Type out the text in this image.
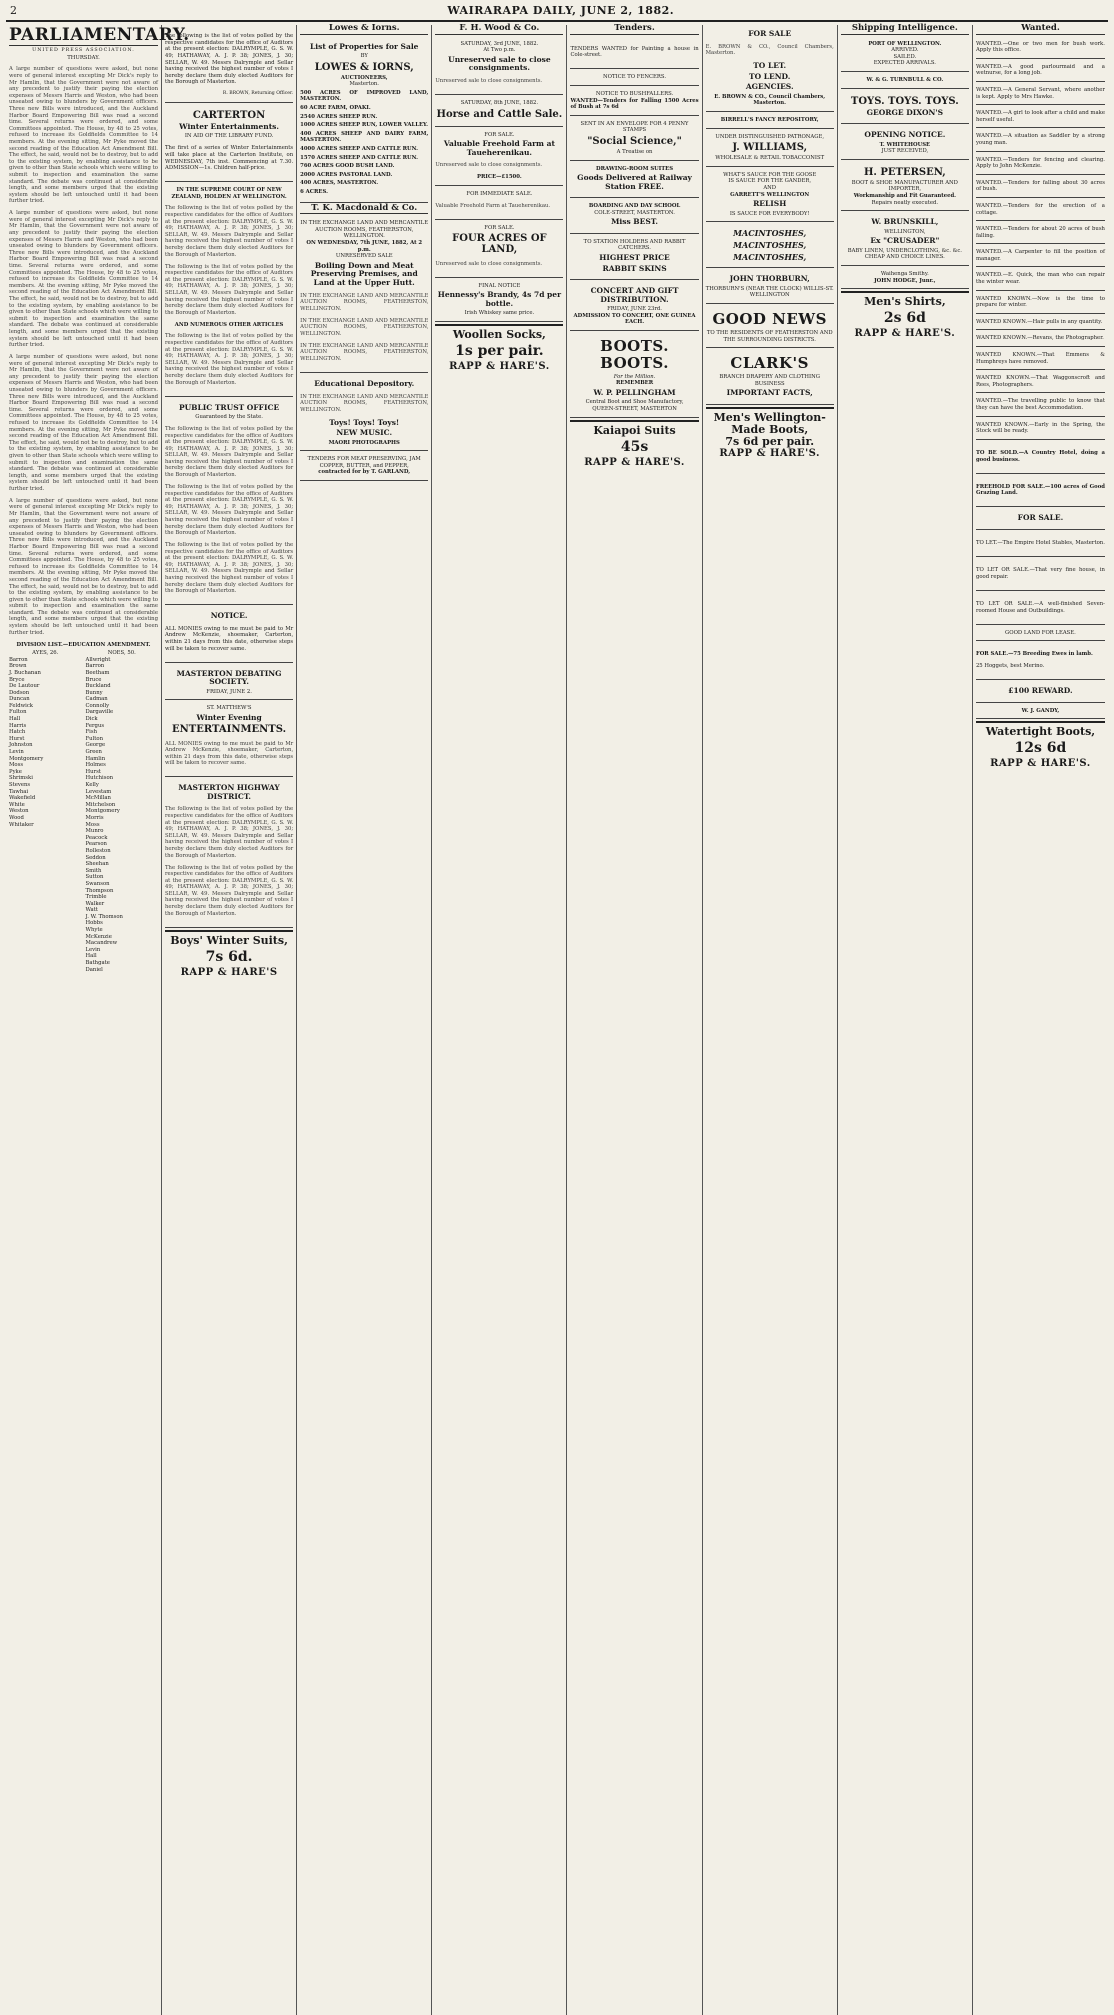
2	WAIRARAPA DAILY, JUNE 2, 1882.
PARLIAMENTARY.
UNITED PRESS ASSOCIATION.
THURSDAY.

A large number of questions were asked, but none were of general interest excepting Mr Dick's reply to Mr Hamlin, that the Government were not aware of any precedent to justify their paying the election expenses of Messrs Harris and Weston, who had been unseated owing to blunders by Government officers. Three new Bills were introduced, and the Auckland Harbor Board Empowering Bill was read a second time. Several returns were ordered, and some Committees appointed. The House, by 48 to 25 votes, refused to increase its Goldfields Committee to 14 members. At the evening sitting, Mr Pyke moved the second reading of the Education Act Amendment Bill. The effect, he said, would not be to destroy, but to add to the existing system, by enabling assistance to be given to other than State schools which were willing to submit to inspection and examination the same standard. The debate was continued at considerable length, and some members urged that the existing system should be left untouched until it had been further tried.

A large number of questions were asked, but none were of general interest excepting Mr Dick's reply to Mr Hamlin, that the Government were not aware of any precedent to justify their paying the election expenses of Messrs Harris and Weston, who had been unseated owing to blunders by Government officers. Three new Bills were introduced, and the Auckland Harbor Board Empowering Bill was read a second time. Several returns were ordered, and some Committees appointed. The House, by 48 to 25 votes, refused to increase its Goldfields Committee to 14 members. At the evening sitting, Mr Pyke moved the second reading of the Education Act Amendment Bill. The effect, he said, would not be to destroy, but to add to the existing system, by enabling assistance to be given to other than State schools which were willing to submit to inspection and examination the same standard. The debate was continued at considerable length, and some members urged that the existing system should be left untouched until it had been further tried.

A large number of questions were asked, but none were of general interest excepting Mr Dick's reply to Mr Hamlin, that the Government were not aware of any precedent to justify their paying the election expenses of Messrs Harris and Weston, who had been unseated owing to blunders by Government officers. Three new Bills were introduced, and the Auckland Harbor Board Empowering Bill was read a second time. Several returns were ordered, and some Committees appointed. The House, by 48 to 25 votes, refused to increase its Goldfields Committee to 14 members. At the evening sitting, Mr Pyke moved the second reading of the Education Act Amendment Bill. The effect, he said, would not be to destroy, but to add to the existing system, by enabling assistance to be given to other than State schools which were willing to submit to inspection and examination the same standard. The debate was continued at considerable length, and some members urged that the existing system should be left untouched until it had been further tried.

A large number of questions were asked, but none were of general interest excepting Mr Dick's reply to Mr Hamlin, that the Government were not aware of any precedent to justify their paying the election expenses of Messrs Harris and Weston, who had been unseated owing to blunders by Government officers. Three new Bills were introduced, and the Auckland Harbor Board Empowering Bill was read a second time. Several returns were ordered, and some Committees appointed. The House, by 48 to 25 votes, refused to increase its Goldfields Committee to 14 members. At the evening sitting, Mr Pyke moved the second reading of the Education Act Amendment Bill. The effect, he said, would not be to destroy, but to add to the existing system, by enabling assistance to be given to other than State schools which were willing to submit to inspection and examination the same standard. The debate was continued at considerable length, and some members urged that the existing system should be left untouched until it had been further tried.

DIVISION LIST.—EDUCATION AMENDMENT.
AYES, 26.
Barron
Brown
J. Buchanan
Bryce
De Lautour
Dodson
Duncan
Feldwick
Fulton
Hall
Harris
Hatch
Hurst
Johnston
Levin
Montgomery
Moss
Pyke
Shrimski
Stevens
Tawhai
Wakefield
White
Weston
Wood
Whitaker
NOES, 50.
Allwright
Barron
Beetham
Bruce
Buckland
Bunny
Cadman
Connolly
Dargaville
Dick
Fergus
Fish
Fulton
George
Green
Hamlin
Holmes
Hurst
Hutchison
Kelly
Levestam
McMillan
Mitchelson
Montgomery
Morris
Moss
Munro
Peacock
Pearson
Rolleston
Seddon
Sheehan
Smith
Sutton
Swanson
Thompson
Trimble
Walker
Watt
J. W. Thomson
Hobbs
Whyte
McKenzie
Macandrew
Levin
Hall
Bathgate
Daniel

The following is the list of votes polled by the respective candidates for the office of Auditors at the present election: DALRYMPLE, G. S. W. 49; HATHAWAY, A. J. P. 38; JONES, J. 30; SELLAR, W. 49. Messrs Dalrymple and Sellar having received the highest number of votes I hereby declare them duly elected Auditors for the Borough of Masterton.

R. BROWN, Returning Officer.
CARTERTON
Winter Entertainments.
IN AID OF THE LIBRARY FUND.

The first of a series of Winter Entertainments will take place at the Carterton Institute, on WEDNESDAY, 7th inst. Commencing at 7.30. ADMISSION—1s. Children half-price.

IN THE SUPREME COURT OF NEW ZEALAND, HOLDEN AT WELLINGTON.

The following is the list of votes polled by the respective candidates for the office of Auditors at the present election: DALRYMPLE, G. S. W. 49; HATHAWAY, A. J. P. 38; JONES, J. 30; SELLAR, W. 49. Messrs Dalrymple and Sellar having received the highest number of votes I hereby declare them duly elected Auditors for the Borough of Masterton.

The following is the list of votes polled by the respective candidates for the office of Auditors at the present election: DALRYMPLE, G. S. W. 49; HATHAWAY, A. J. P. 38; JONES, J. 30; SELLAR, W. 49. Messrs Dalrymple and Sellar having received the highest number of votes I hereby declare them duly elected Auditors for the Borough of Masterton.

AND NUMEROUS OTHER ARTICLES

The following is the list of votes polled by the respective candidates for the office of Auditors at the present election: DALRYMPLE, G. S. W. 49; HATHAWAY, A. J. P. 38; JONES, J. 30; SELLAR, W. 49. Messrs Dalrymple and Sellar having received the highest number of votes I hereby declare them duly elected Auditors for the Borough of Masterton.

PUBLIC TRUST OFFICE
Guaranteed by the State.

The following is the list of votes polled by the respective candidates for the office of Auditors at the present election: DALRYMPLE, G. S. W. 49; HATHAWAY, A. J. P. 38; JONES, J. 30; SELLAR, W. 49. Messrs Dalrymple and Sellar having received the highest number of votes I hereby declare them duly elected Auditors for the Borough of Masterton.

The following is the list of votes polled by the respective candidates for the office of Auditors at the present election: DALRYMPLE, G. S. W. 49; HATHAWAY, A. J. P. 38; JONES, J. 30; SELLAR, W. 49. Messrs Dalrymple and Sellar having received the highest number of votes I hereby declare them duly elected Auditors for the Borough of Masterton.

The following is the list of votes polled by the respective candidates for the office of Auditors at the present election: DALRYMPLE, G. S. W. 49; HATHAWAY, A. J. P. 38; JONES, J. 30; SELLAR, W. 49. Messrs Dalrymple and Sellar having received the highest number of votes I hereby declare them duly elected Auditors for the Borough of Masterton.

NOTICE.

ALL MONIES owing to me must be paid to Mr Andrew McKenzie, shoemaker, Carterton, within 21 days from this date, otherwise steps will be taken to recover same.

MASTERTON DEBATING SOCIETY.
FRIDAY, JUNE 2.
ST. MATTHEW'S
Winter Evening
ENTERTAINMENTS.

ALL MONIES owing to me must be paid to Mr Andrew McKenzie, shoemaker, Carterton, within 21 days from this date, otherwise steps will be taken to recover same.

MASTERTON HIGHWAY DISTRICT.

The following is the list of votes polled by the respective candidates for the office of Auditors at the present election: DALRYMPLE, G. S. W. 49; HATHAWAY, A. J. P. 38; JONES, J. 30; SELLAR, W. 49. Messrs Dalrymple and Sellar having received the highest number of votes I hereby declare them duly elected Auditors for the Borough of Masterton.

The following is the list of votes polled by the respective candidates for the office of Auditors at the present election: DALRYMPLE, G. S. W. 49; HATHAWAY, A. J. P. 38; JONES, J. 30; SELLAR, W. 49. Messrs Dalrymple and Sellar having received the highest number of votes I hereby declare them duly elected Auditors for the Borough of Masterton.

Boys' Winter Suits,
7s 6d.
RAPP & HARE'S
Lowes & Iorns.
List of Properties for Sale
BY
LOWES & IORNS,
AUCTIONEERS,
Masterton.
500 ACRES OF IMPROVED LAND, MASTERTON.
60 ACRE FARM, OPAKI.
2540 ACRES SHEEP RUN.
1000 ACRES SHEEP RUN, LOWER VALLEY.
400 ACRES SHEEP AND DAIRY FARM, MASTERTON.
4000 ACRES SHEEP AND CATTLE RUN.
1570 ACRES SHEEP AND CATTLE RUN.
760 ACRES GOOD BUSH LAND.
2000 ACRES PASTORAL LAND.
400 ACRES, MASTERTON.
6 ACRES.
T. K. Macdonald & Co.
IN THE EXCHANGE LAND AND MERCANTILE AUCTION ROOMS, FEATHERSTON, WELLINGTON.
ON WEDNESDAY, 7th JUNE, 1882, At 2 p.m.
UNRESERVED SALE
Boiling Down and Meat Preserving Premises, and Land at the Upper Hutt.

IN THE EXCHANGE LAND AND MERCANTILE AUCTION ROOMS, FEATHERSTON, WELLINGTON.

IN THE EXCHANGE LAND AND MERCANTILE AUCTION ROOMS, FEATHERSTON, WELLINGTON.

IN THE EXCHANGE LAND AND MERCANTILE AUCTION ROOMS, FEATHERSTON, WELLINGTON.

Educational Depository.

IN THE EXCHANGE LAND AND MERCANTILE AUCTION ROOMS, FEATHERSTON, WELLINGTON.

Toys! Toys! Toys!
NEW MUSIC.
MAORI PHOTOGRAPHS
TENDERS FOR MEAT PRESERVING, JAM COPPER, BUTTER, and PEPPER,
contracted for by T. GARLAND,
F. H. Wood & Co.
SATURDAY, 3rd JUNE, 1882.
At Two p.m.
Unreserved sale to close consignments.

Unreserved sale to close consignments.

SATURDAY, 8th JUNE, 1882.
Horse and Cattle Sale.
FOR SALE.
Valuable Freehold Farm at Taueherenikau.

Unreserved sale to close consignments.

PRICE—£1500.
FOR IMMEDIATE SALE.

Valuable Freehold Farm at Taueherenikau.

FOR SALE.
FOUR ACRES OF LAND,

Unreserved sale to close consignments.

FINAL NOTICE
Hennessy's Brandy, 4s 7d per bottle.
Irish Whiskey same price.
Woollen Socks,
1s per pair.
RAPP & HARE'S.
Tenders.

TENDERS WANTED for Painting a house in Cole-street.

NOTICE TO FENCERS.
NOTICE TO BUSHFALLERS.
WANTED—Tenders for Falling 1500 Acres of Bush at 7s 6d
SENT IN AN ENVELOPE FOR 4 PENNY STAMPS
"Social Science,"
A Treatise on
DRAWING-ROOM SUITES
Goods Delivered at Railway Station FREE.
BOARDING AND DAY SCHOOL
COLE-STREET, MASTERTON.
Miss BEST.
TO STATION HOLDERS AND RABBIT CATCHERS.
HIGHEST PRICE
RABBIT SKINS
CONCERT AND GIFT DISTRIBUTION.
FRIDAY, JUNE 23rd.
ADMISSION TO CONCERT, ONE GUINEA EACH.
BOOTS. BOOTS.
For the Million.
REMEMBER
W. P. PELLINGHAM
Central Boot and Shoe Manufactory,
QUEEN-STREET, MASTERTON
Kaiapoi Suits
45s
RAPP & HARE'S.
FOR SALE

E. BROWN & CO., Council Chambers, Masterton.

TO LET.
TO LEND.
AGENCIES.
E. BROWN & CO., Council Chambers, Masterton.
BIRRELL'S FANCY REPOSITORY,
UNDER DISTINGUISHED PATRONAGE,
J. WILLIAMS,
WHOLESALE & RETAIL TOBACCONIST
WHAT'S SAUCE FOR THE GOOSE
IS SAUCE FOR THE GANDER,
AND
GARRETT'S WELLINGTON
RELISH
IS SAUCE FOR EVERYBODY!
MACINTOSHES,
MACINTOSHES,
MACINTOSHES,
JOHN THORBURN,
THORBURN'S (NEAR THE CLOCK) WILLIS-ST. WELLINGTON
GOOD NEWS
TO THE RESIDENTS OF FEATHERSTON AND THE SURROUNDING DISTRICTS.
CLARK'S
BRANCH DRAPERY AND CLOTHING BUSINESS
IMPORTANT FACTS,
Men's Wellington-Made Boots,
7s 6d per pair.
RAPP & HARE'S.
Shipping Intelligence.
PORT OF WELLINGTON.
ARRIVED.
SAILED.
EXPECTED ARRIVALS.
W. & G. TURNBULL & CO.
TOYS. TOYS. TOYS.
GEORGE DIXON'S
OPENING NOTICE.
T. WHITEHOUSE
JUST RECEIVED,
H. PETERSEN,
BOOT & SHOE MANUFACTURER AND IMPORTER,
Workmanship and Fit Guaranteed.
Repairs neatly executed.
W. BRUNSKILL,
WELLINGTON,
Ex "CRUSADER"
BABY LINEN, UNDERCLOTHING, &c. &c.
CHEAP AND CHOICE LINES.
Waihenga Smithy.
JOHN HODGE, Junr.,
Men's Shirts,
2s 6d
RAPP & HARE'S.
Wanted.
WANTED.—One or two men for bush work. Apply this office.
WANTED.—A good parlourmaid and a wetnurse, for a long job.
WANTED.—A General Servant, where another is kept. Apply to Mrs Hawke.
WANTED.—A girl to look after a child and make herself useful.
WANTED.—A situation as Saddler by a strong young man.
WANTED.—Tenders for fencing and clearing. Apply to John McKenzie.
WANTED.—Tenders for falling about 30 acres of bush.
WANTED.—Tenders for the erection of a cottage.
WANTED.—Tenders for about 20 acres of bush falling.
WANTED.—A Carpenter to fill the position of manager.
WANTED.—E. Quick, the man who can repair the winter wear.
WANTED KNOWN.—Now is the time to prepare for winter.
WANTED KNOWN.—Hair pulls in any quantity.
WANTED KNOWN.—Revans, the Photographer.
WANTED KNOWN.—That Emmens & Humphreys have removed.
WANTED KNOWN.—That Waggonscroft and Rees, Photographers.
WANTED.—The travelling public to know that they can have the best Accommodation.
WANTED KNOWN.—Early in the Spring, the Stock will be ready.

TO BE SOLD.—A Country Hotel, doing a good business.

FREEHOLD FOR SALE.—100 acres of Good Grazing Land.

FOR SALE.

TO LET.—The Empire Hotel Stables, Masterton.

TO LET OR SALE.—That very fine house, in good repair.

TO LET OR SALE.—A well-finished Seven-roomed House and Outbuildings.

GOOD LAND FOR LEASE.

FOR SALE.—75 Breeding Ewes in lamb.

25 Hoggets, best Merino.

£100 REWARD.
W. J. GANDY,
Watertight Boots,
12s 6d
RAPP & HARE'S.
